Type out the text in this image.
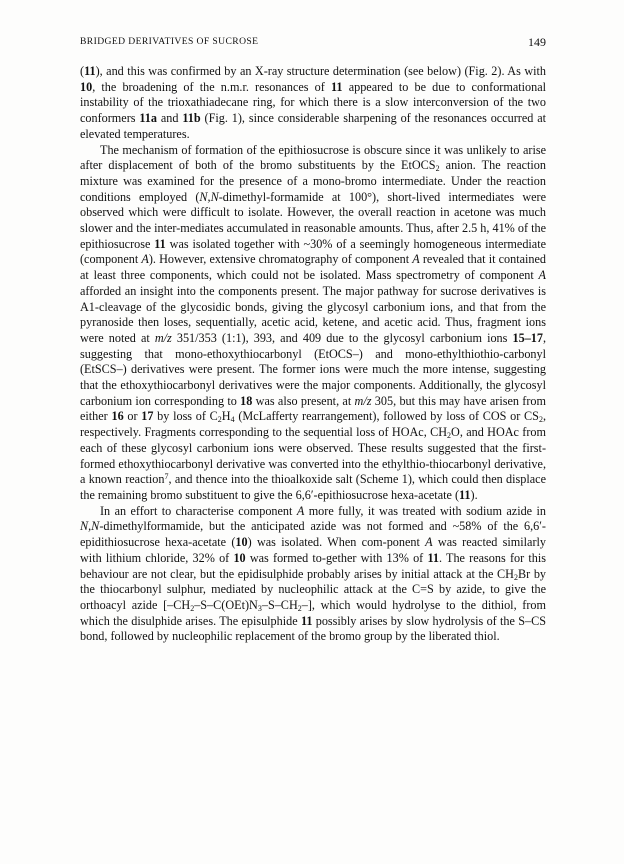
BRIDGED DERIVATIVES OF SUCROSE	149

(11), and this was confirmed by an X-ray structure determination (see below) (Fig. 2). As with 10, the broadening of the n.m.r. resonances of 11 appeared to be due to conformational instability of the trioxathiadecane ring, for which there is a slow interconversion of the two conformers 11a and 11b (Fig. 1), since considerable sharpening of the resonances occurred at elevated temperatures.

The mechanism of formation of the epithiosucrose is obscure since it was unlikely to arise after displacement of both of the bromo substituents by the EtOCS$_2$ anion. The reaction mixture was examined for the presence of a mono-bromo intermediate. Under the reaction conditions employed (N,N-dimethyl-formamide at 100°), short-lived intermediates were observed which were difficult to isolate. However, the overall reaction in acetone was much slower and the inter-mediates accumulated in reasonable amounts. Thus, after 2.5 h, 41% of the epithiosucrose 11 was isolated together with ~30% of a seemingly homogeneous intermediate (component A). However, extensive chromatography of component A revealed that it contained at least three components, which could not be isolated. Mass spectrometry of component A afforded an insight into the components present. The major pathway for sucrose derivatives is A1-cleavage of the glycosidic bonds, giving the glycosyl carbonium ions, and that from the pyranoside then loses, sequentially, acetic acid, ketene, and acetic acid. Thus, fragment ions were noted at m/z 351/353 (1:1), 393, and 409 due to the glycosyl carbonium ions 15–17, suggesting that mono-ethoxythiocarbonyl (EtOCS–) and mono-ethylthiothio-carbonyl (EtSCS–) derivatives were present. The former ions were much the more intense, suggesting that the ethoxythiocarbonyl derivatives were the major components. Additionally, the glycosyl carbonium ion corresponding to 18 was also present, at m/z 305, but this may have arisen from either 16 or 17 by loss of $C_2H_4$ (McLafferty rearrangement), followed by loss of COS or $CS_2$, respectively. Fragments corresponding to the sequential loss of HOAc, $CH_2O$, and HOAc from each of these glycosyl carbonium ions were observed. These results suggested that the first-formed ethoxythiocarbonyl derivative was converted into the ethylthio-thiocarbonyl derivative, a known reaction$^7$, and thence into the thioalkoxide salt (Scheme 1), which could then displace the remaining bromo substituent to give the 6,6′-epithiosucrose hexa-acetate (11).

In an effort to characterise component A more fully, it was treated with sodium azide in N,N-dimethylformamide, but the anticipated azide was not formed and ~58% of the 6,6′-epidithiosucrose hexa-acetate (10) was isolated. When com-ponent A was reacted similarly with lithium chloride, 32% of 10 was formed to-gether with 13% of 11. The reasons for this behaviour are not clear, but the epidisulphide probably arises by initial attack at the $CH_2Br$ by the thiocarbonyl sulphur, mediated by nucleophilic attack at the C=S by azide, to give the orthoacyl azide $[-CH_2-S-C(OEt)N_3-S-CH_2-]$, which would hydrolyse to the dithiol, from which the disulphide arises. The episulphide 11 possibly arises by slow hydrolysis of the S–CS bond, followed by nucleophilic replacement of the bromo group by the liberated thiol.
